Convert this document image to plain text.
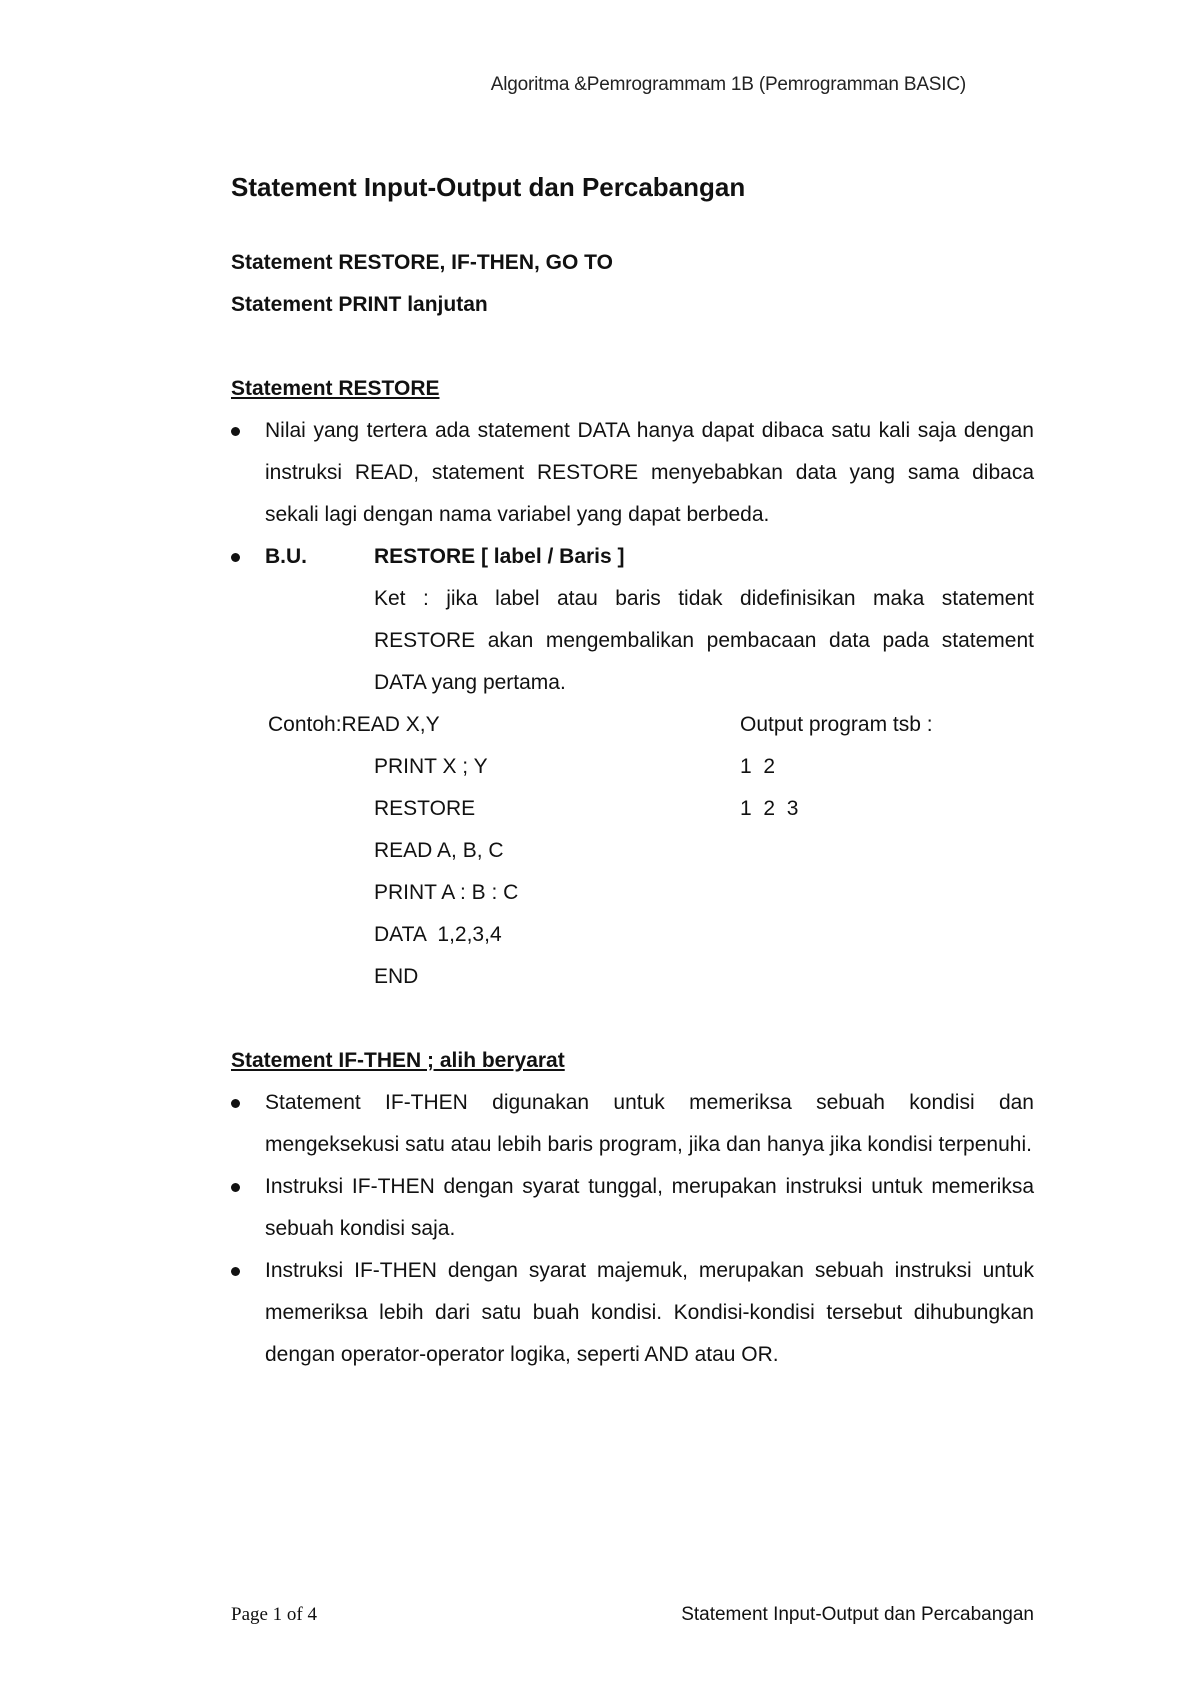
Algoritma &Pemrogrammam 1B (Pemrogramman BASIC)
Statement Input-Output dan Percabangan

Statement RESTORE, IF-THEN, GO TO

Statement PRINT lanjutan

Statement RESTORE

Nilai yang tertera ada statement DATA hanya dapat dibaca satu kali saja dengan instruksi READ, statement RESTORE menyebabkan data yang sama dibaca sekali lagi dengan nama variabel yang dapat berbeda.
B.U.	RESTORE [ label / Baris ]
Ket : jika label atau baris tidak didefinisikan maka statement RESTORE akan mengembalikan pembacaan data pada statement DATA yang pertama.
Contoh:READ X,Y	Output program tsb :
PRINT X ; Y	1  2
RESTORE	1  2  3
READ A, B, C
PRINT A : B : C
DATA  1,2,3,4
END

Statement IF-THEN ; alih beryarat

Statement IF-THEN digunakan untuk memeriksa sebuah kondisi dan mengeksekusi satu atau lebih baris program, jika dan hanya jika kondisi terpenuhi.
Instruksi IF-THEN dengan syarat tunggal, merupakan instruksi untuk memeriksa sebuah kondisi saja.
Instruksi IF-THEN dengan syarat majemuk, merupakan sebuah instruksi untuk memeriksa lebih dari satu buah kondisi. Kondisi-kondisi tersebut dihubungkan dengan operator-operator logika, seperti AND atau OR.
Page 1 of 4	Statement Input-Output dan Percabangan
